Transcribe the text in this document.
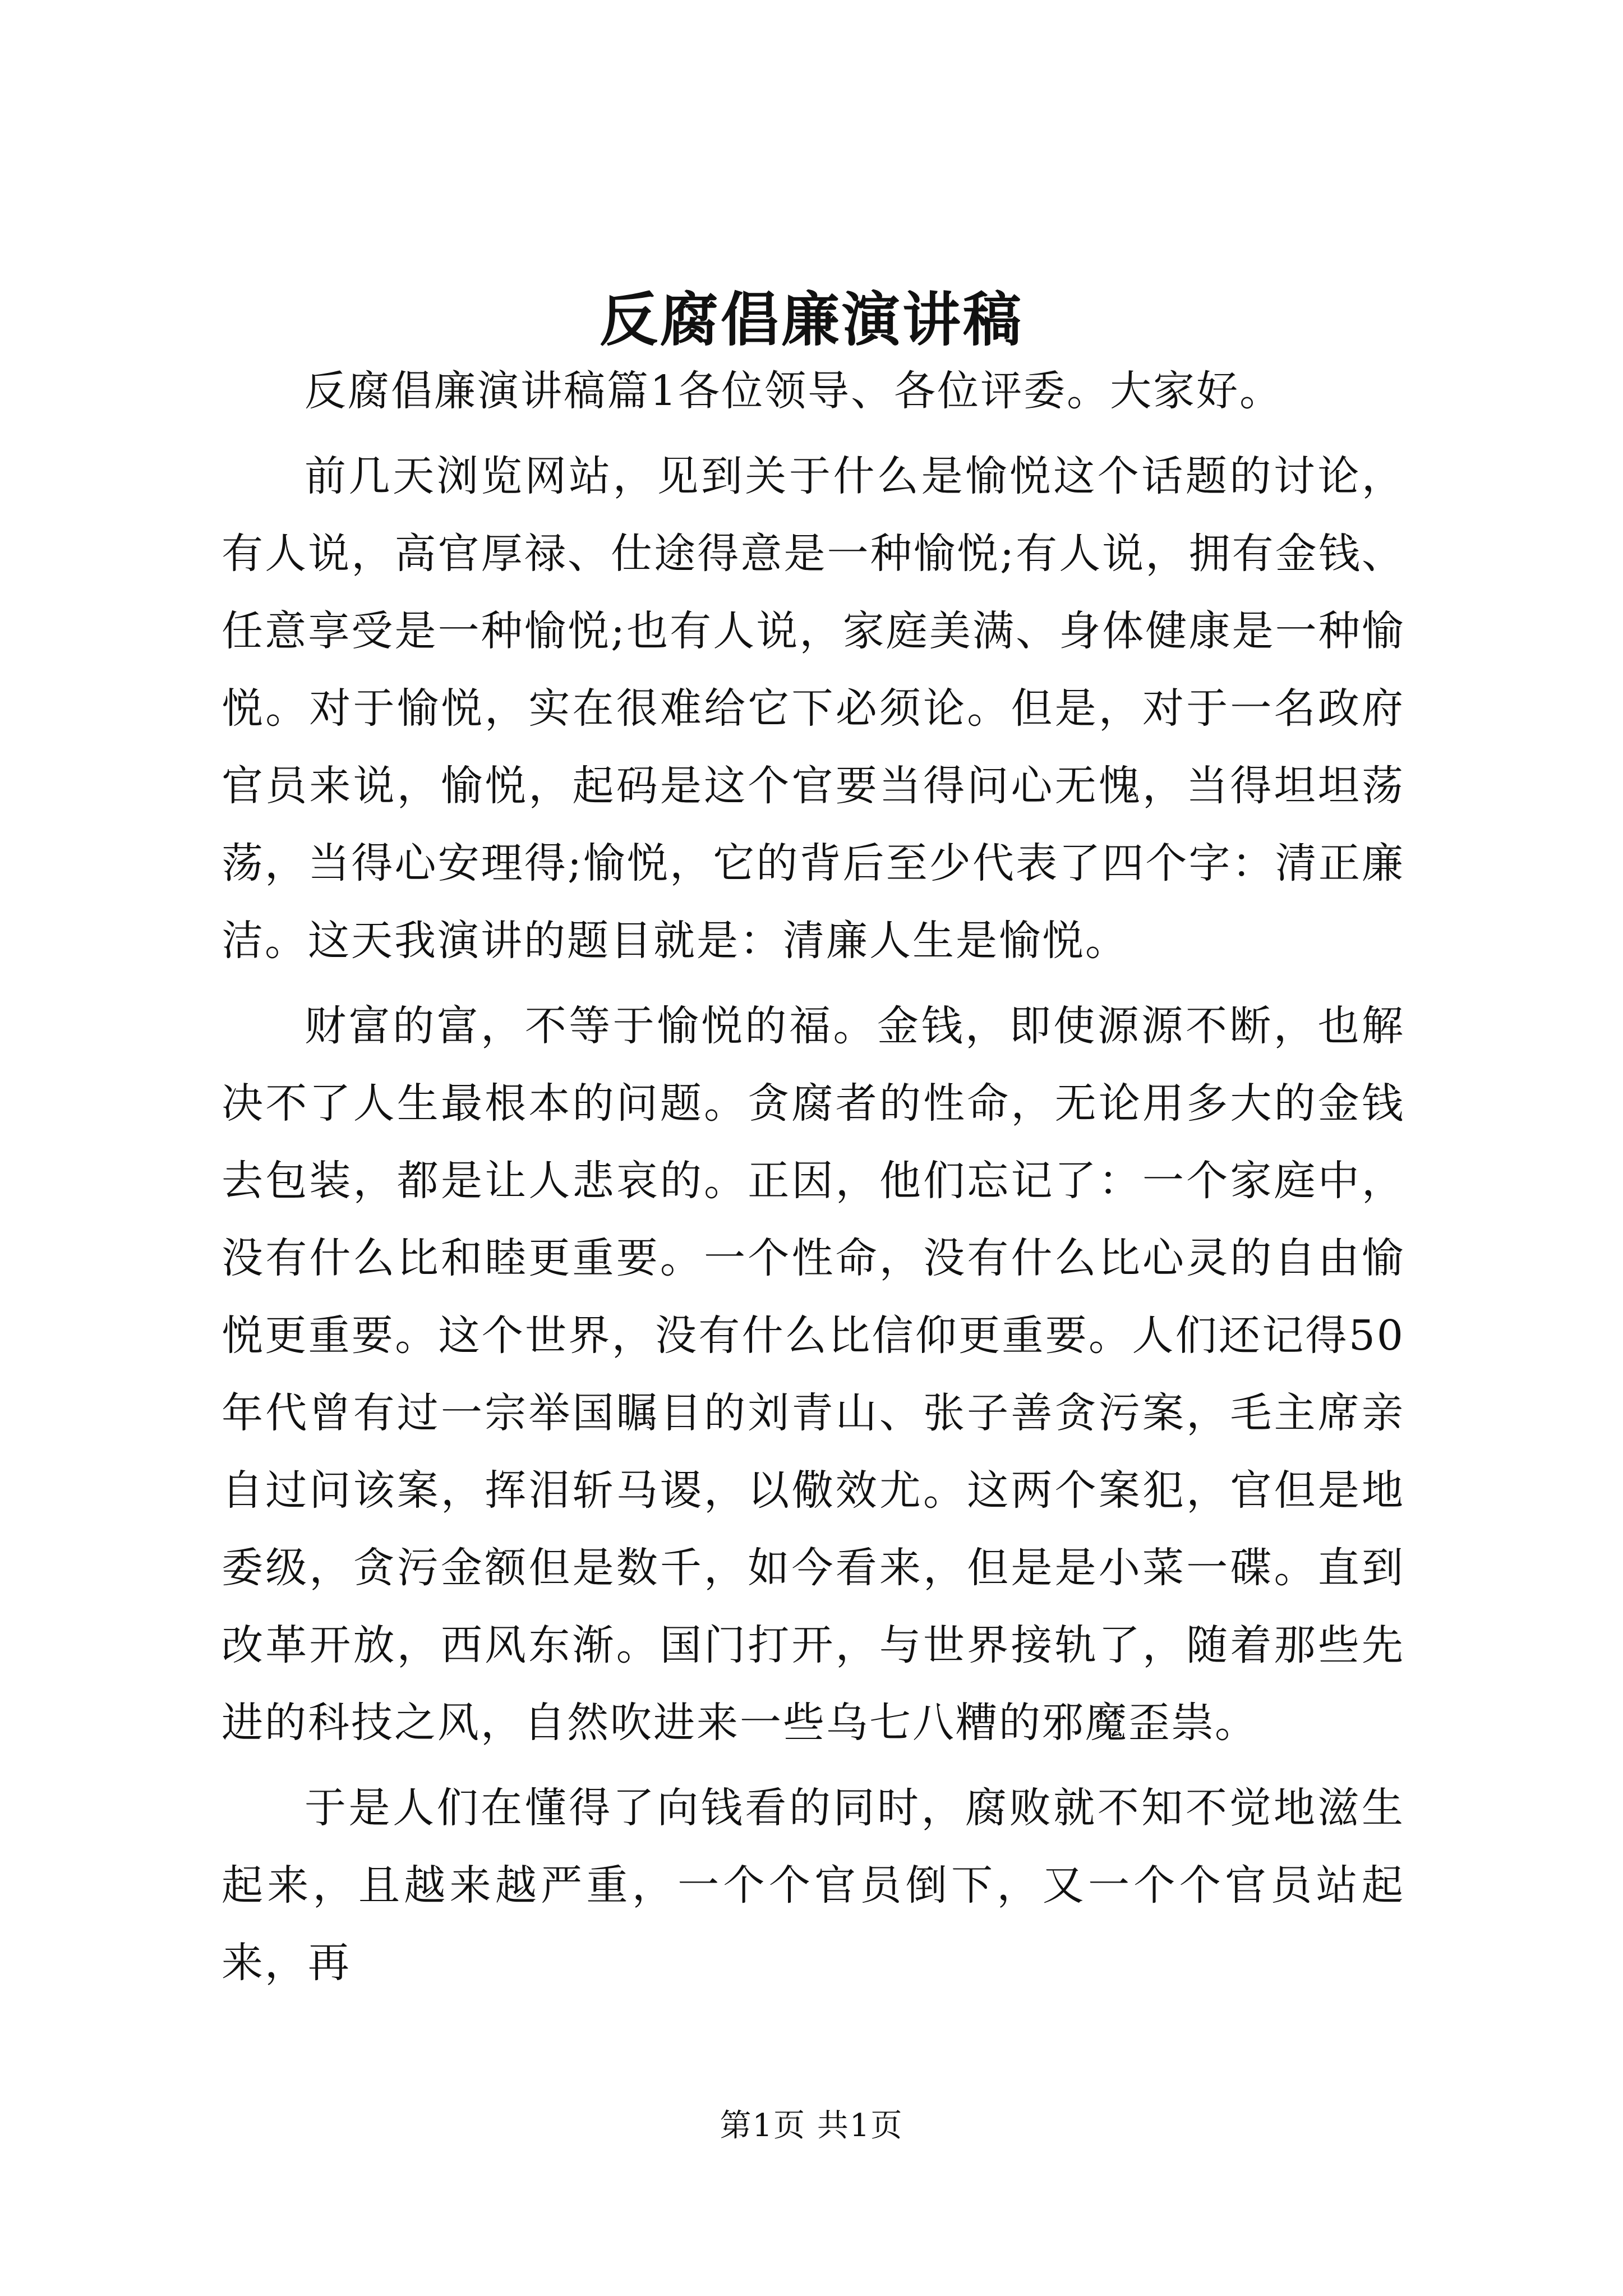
反腐倡廉演讲稿

反腐倡廉演讲稿篇1各位领导、各位评委。大家好。

前几天浏览网站，见到关于什么是愉悦这个话题的讨论，有人说，高官厚禄、仕途得意是一种愉悦;有人说，拥有金钱、任意享受是一种愉悦;也有人说，家庭美满、身体健康是一种愉悦。对于愉悦，实在很难给它下必须论。但是，对于一名政府官员来说，愉悦，起码是这个官要当得问心无愧，当得坦坦荡荡，当得心安理得;愉悦，它的背后至少代表了四个字：清正廉洁。这天我演讲的题目就是：清廉人生是愉悦。

财富的富，不等于愉悦的福。金钱，即使源源不断，也解决不了人生最根本的问题。贪腐者的性命，无论用多大的金钱去包装，都是让人悲哀的。正因，他们忘记了：一个家庭中，没有什么比和睦更重要。一个性命，没有什么比心灵的自由愉悦更重要。这个世界，没有什么比信仰更重要。人们还记得50年代曾有过一宗举国瞩目的刘青山、张子善贪污案，毛主席亲自过问该案，挥泪斩马谡，以儆效尤。这两个案犯，官但是地委级，贪污金额但是数千，如今看来，但是是小菜一碟。直到改革开放，西风东渐。国门打开，与世界接轨了，随着那些先进的科技之风，自然吹进来一些乌七八糟的邪魔歪祟。

于是人们在懂得了向钱看的同时，腐败就不知不觉地滋生起来，且越来越严重，一个个官员倒下，又一个个官员站起来，再

第1页 共1页
